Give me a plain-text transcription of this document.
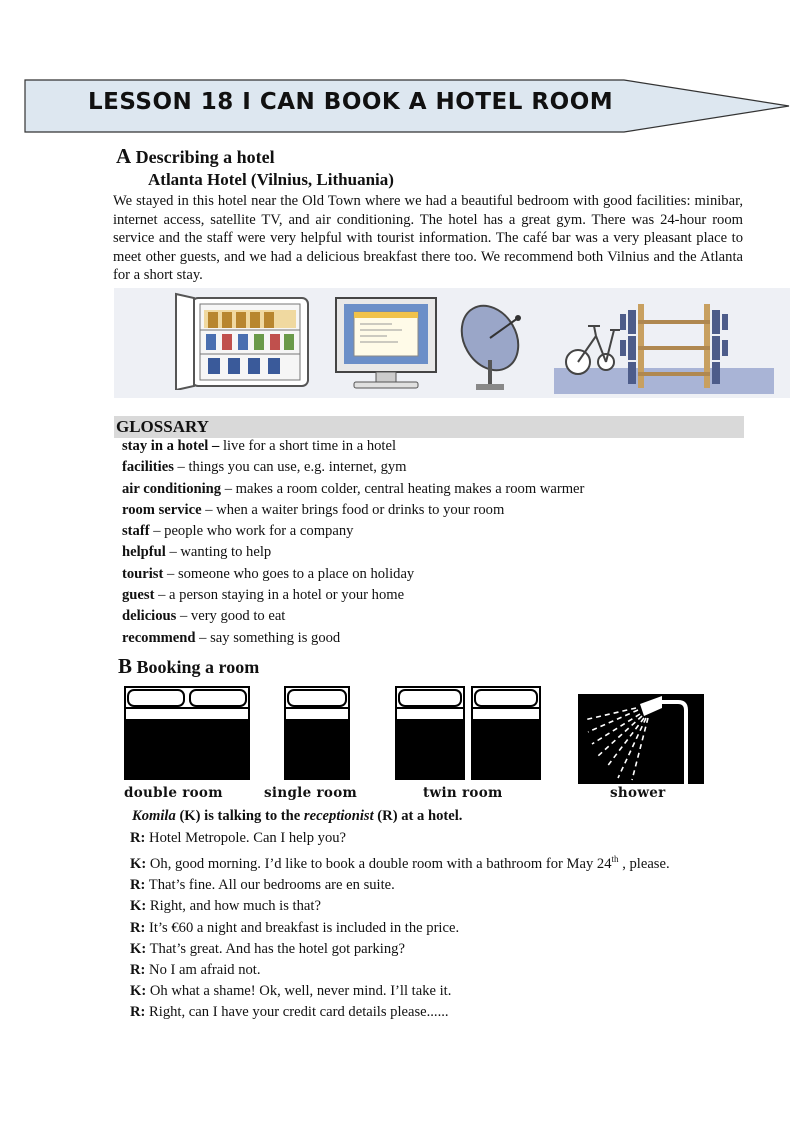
LESSON 18 I CAN BOOK A HOTEL ROOM
A Describing a hotel
Atlanta Hotel (Vilnius, Lithuania)
We stayed in this hotel near the Old Town where we had a beautiful bedroom with good facilities: minibar, internet access, satellite TV, and air conditioning. The hotel has a great gym. There was 24-hour room service and the staff were very helpful with tourist information. The café bar was a very pleasant place to meet other guests, and we had a delicious breakfast there too. We recommend both Vilnius and the Atlanta for a short stay.
GLOSSARY
stay in a hotel – live for a short time in a hotel
facilities – things you can use, e.g. internet, gym
air conditioning – makes a room colder, central heating makes a room warmer
room service – when a waiter brings food or drinks to your room
staff – people who work for a company
helpful – wanting to help
tourist – someone who goes to a place on holiday
guest – a person staying in a hotel or your home
delicious – very good to eat
recommend – say something is good
B Booking a room
double room	single room	twin room	shower
Komila (K) is talking to the receptionist (R) at a hotel.
R: Hotel Metropole. Can I help you?
K: Oh, good morning. I’d like to book a double room with a bathroom for May 24th , please.
R: That’s fine. All our bedrooms are en suite.
K: Right, and how much is that?
R: It’s €60 a night and breakfast is included in the price.
K: That’s great. And has the hotel got parking?
R: No I am afraid not.
K: Oh what a shame! Ok, well, never mind. I’ll take it.
R: Right, can I have your credit card details please......
